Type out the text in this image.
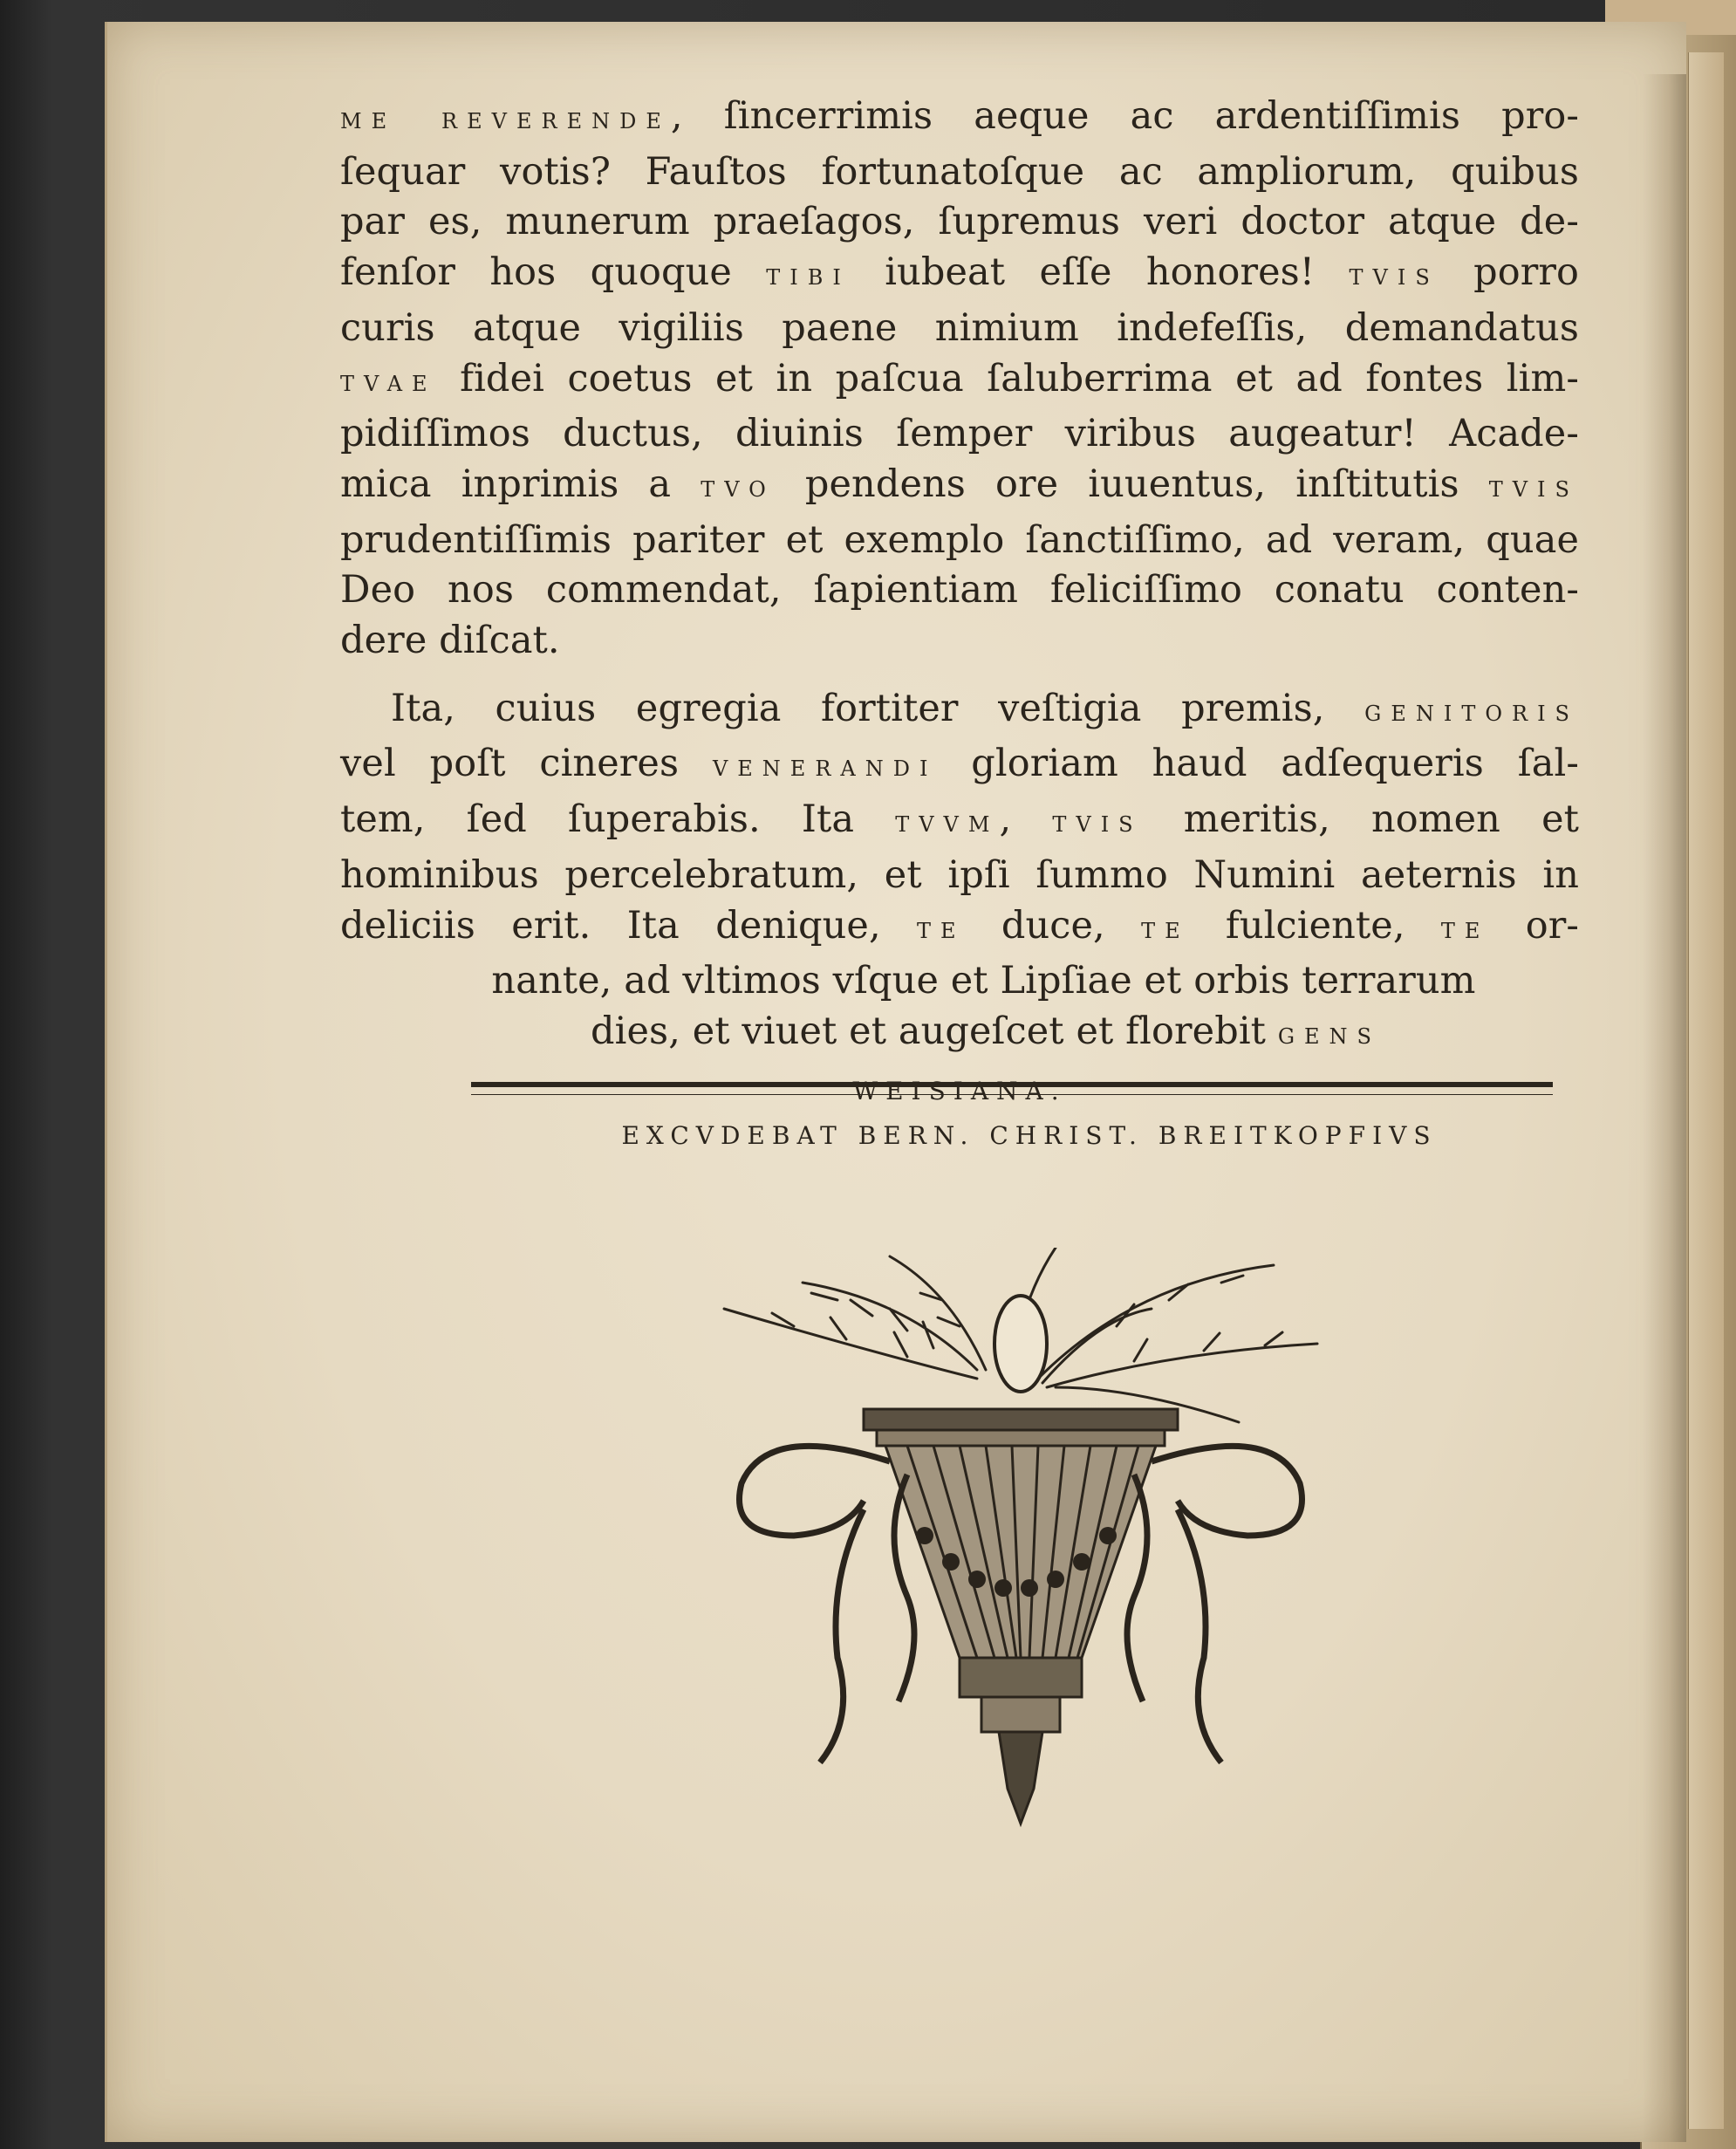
ME REVERENDE, ſincerrimis aeque ac ardentiſſimis pro-
ſequar votis? Fauſtos fortunatoſque ac ampliorum, quibus
par es, munerum praeſagos, ſupremus veri doctor atque de-
fenſor hos quoque TIBI iubeat eſſe honores! TVIS porro
curis atque vigiliis paene nimium indefeſſis, demandatus
TVAE fidei coetus et in paſcua ſaluberrima et ad fontes lim-
pidiſſimos ductus, diuinis ſemper viribus augeatur! Acade-
mica inprimis a TVO pendens ore iuuentus, inſtitutis TVIS
prudentiſſimis pariter et exemplo ſanctiſſimo, ad veram, quae
Deo nos commendat, ſapientiam feliciſſimo conatu conten-
dere diſcat.
Ita, cuius egregia fortiter veſtigia premis, GENITORIS
vel poſt cineres VENERANDI gloriam haud adſequeris ſal-
tem, ſed ſuperabis. Ita TVVM, TVIS meritis, nomen et
hominibus percelebratum, et ipſi ſummo Numini aeternis in
deliciis erit. Ita denique, TE duce, TE fulciente, TE or-
nante, ad vltimos vſque et Lipſiae et orbis terrarum
dies, et viuet et augeſcet et florebit GENS
WEISIANA.
EXCVDEBAT BERN. CHRIST. BREITKOPFIVS
